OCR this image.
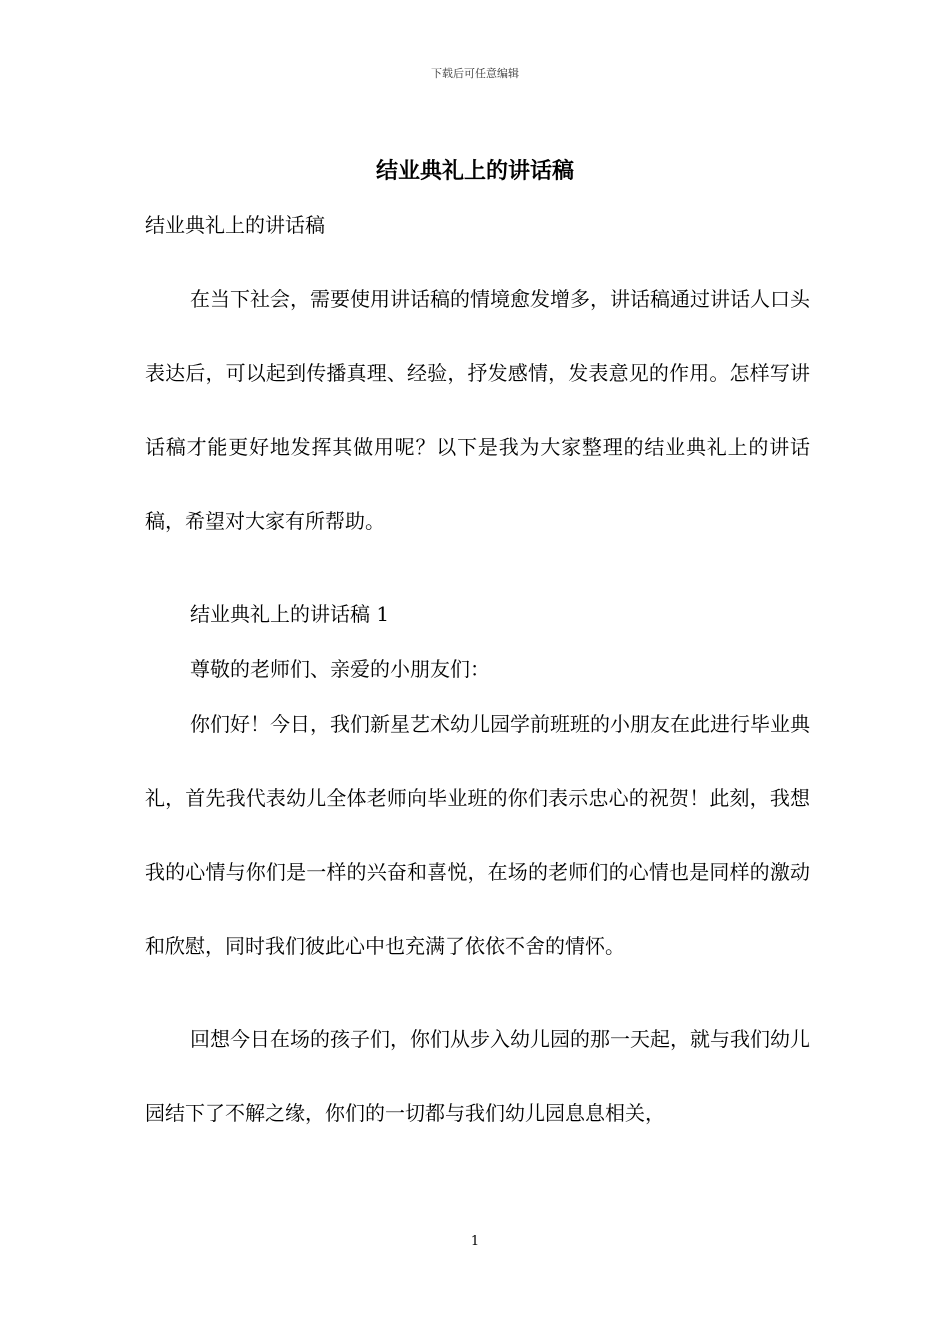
下载后可任意编辑
结业典礼上的讲话稿
结业典礼上的讲话稿

在当下社会，需要使用讲话稿的情境愈发增多，讲话稿通过讲话人口头表达后，可以起到传播真理、经验，抒发感情，发表意见的作用。怎样写讲话稿才能更好地发挥其做用呢？以下是我为大家整理的结业典礼上的讲话稿，希望对大家有所帮助。

结业典礼上的讲话稿 1

尊敬的老师们、亲爱的小朋友们：

你们好！今日，我们新星艺术幼儿园学前班班的小朋友在此进行毕业典礼，首先我代表幼儿全体老师向毕业班的你们表示忠心的祝贺！此刻，我想我的心情与你们是一样的兴奋和喜悦，在场的老师们的心情也是同样的激动和欣慰，同时我们彼此心中也充满了依依不舍的情怀。

回想今日在场的孩子们，你们从步入幼儿园的那一天起，就与我们幼儿园结下了不解之缘，你们的一切都与我们幼儿园息息相关，

1
